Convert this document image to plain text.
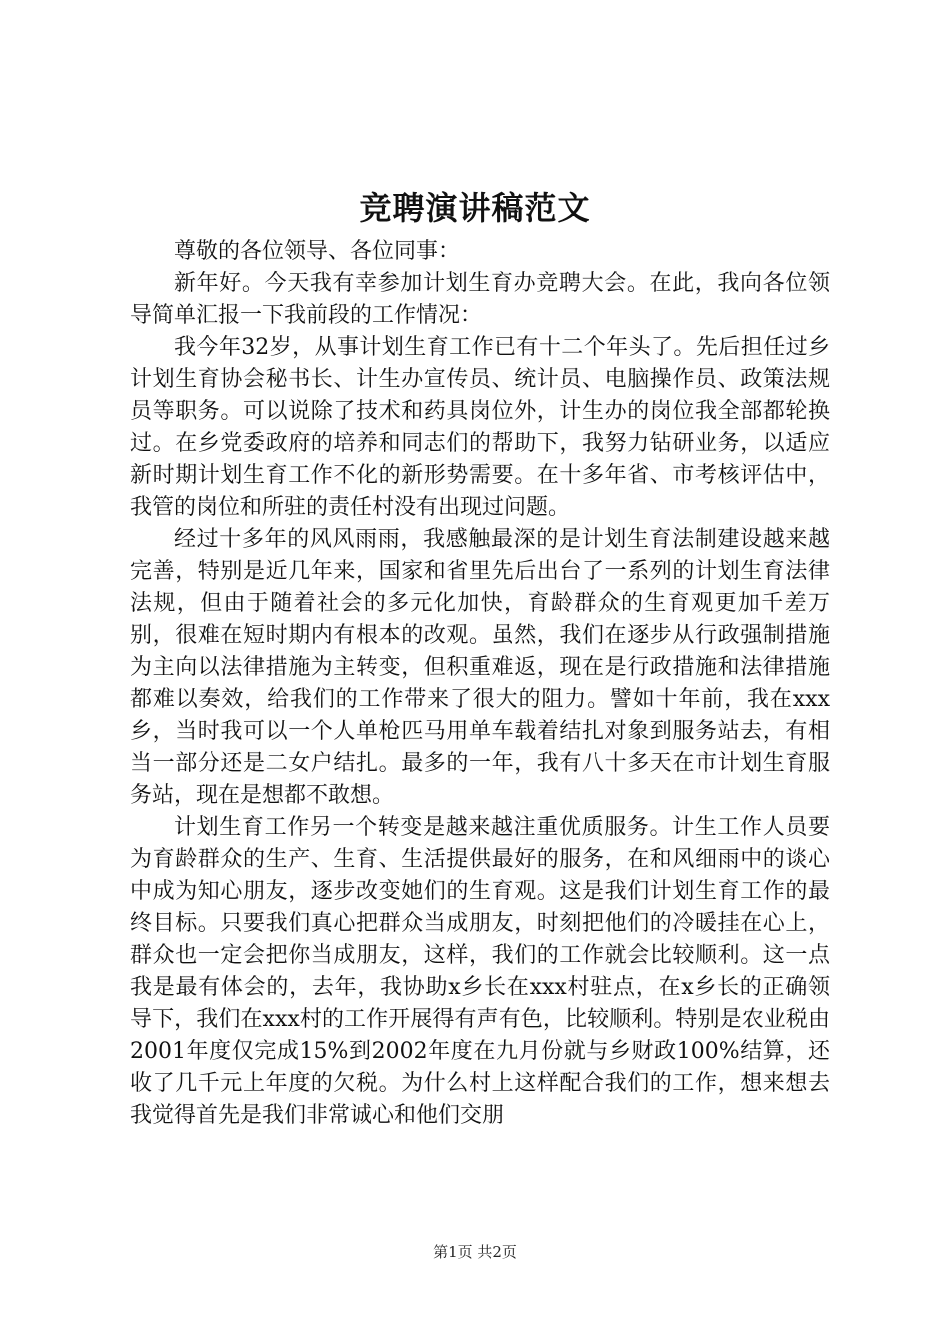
竞聘演讲稿范文

尊敬的各位领导、各位同事：

新年好。今天我有幸参加计划生育办竞聘大会。在此，我向各位领导简单汇报一下我前段的工作情况：

我今年32岁，从事计划生育工作已有十二个年头了。先后担任过乡计划生育协会秘书长、计生办宣传员、统计员、电脑操作员、政策法规员等职务。可以说除了技术和药具岗位外，计生办的岗位我全部都轮换过。在乡党委政府的培养和同志们的帮助下，我努力钻研业务，以适应新时期计划生育工作不化的新形势需要。在十多年省、市考核评估中，我管的岗位和所驻的责任村没有出现过问题。

经过十多年的风风雨雨，我感触最深的是计划生育法制建设越来越完善，特别是近几年来，国家和省里先后出台了一系列的计划生育法律法规，但由于随着社会的多元化加快，育龄群众的生育观更加千差万别，很难在短时期内有根本的改观。虽然，我们在逐步从行政强制措施为主向以法律措施为主转变，但积重难返，现在是行政措施和法律措施都难以奏效，给我们的工作带来了很大的阻力。譬如十年前，我在xxx乡，当时我可以一个人单枪匹马用单车载着结扎对象到服务站去，有相当一部分还是二女户结扎。最多的一年，我有八十多天在市计划生育服务站，现在是想都不敢想。

计划生育工作另一个转变是越来越注重优质服务。计生工作人员要为育龄群众的生产、生育、生活提供最好的服务，在和风细雨中的谈心中成为知心朋友，逐步改变她们的生育观。这是我们计划生育工作的最终目标。只要我们真心把群众当成朋友，时刻把他们的冷暖挂在心上，群众也一定会把你当成朋友，这样，我们的工作就会比较顺利。这一点我是最有体会的，去年，我协助x乡长在xxx村驻点，在x乡长的正确领导下，我们在xxx村的工作开展得有声有色，比较顺利。特别是农业税由2001年度仅完成15%到2002年度在九月份就与乡财政100%结算，还收了几千元上年度的欠税。为什么村上这样配合我们的工作，想来想去我觉得首先是我们非常诚心和他们交朋

第1页 共2页
